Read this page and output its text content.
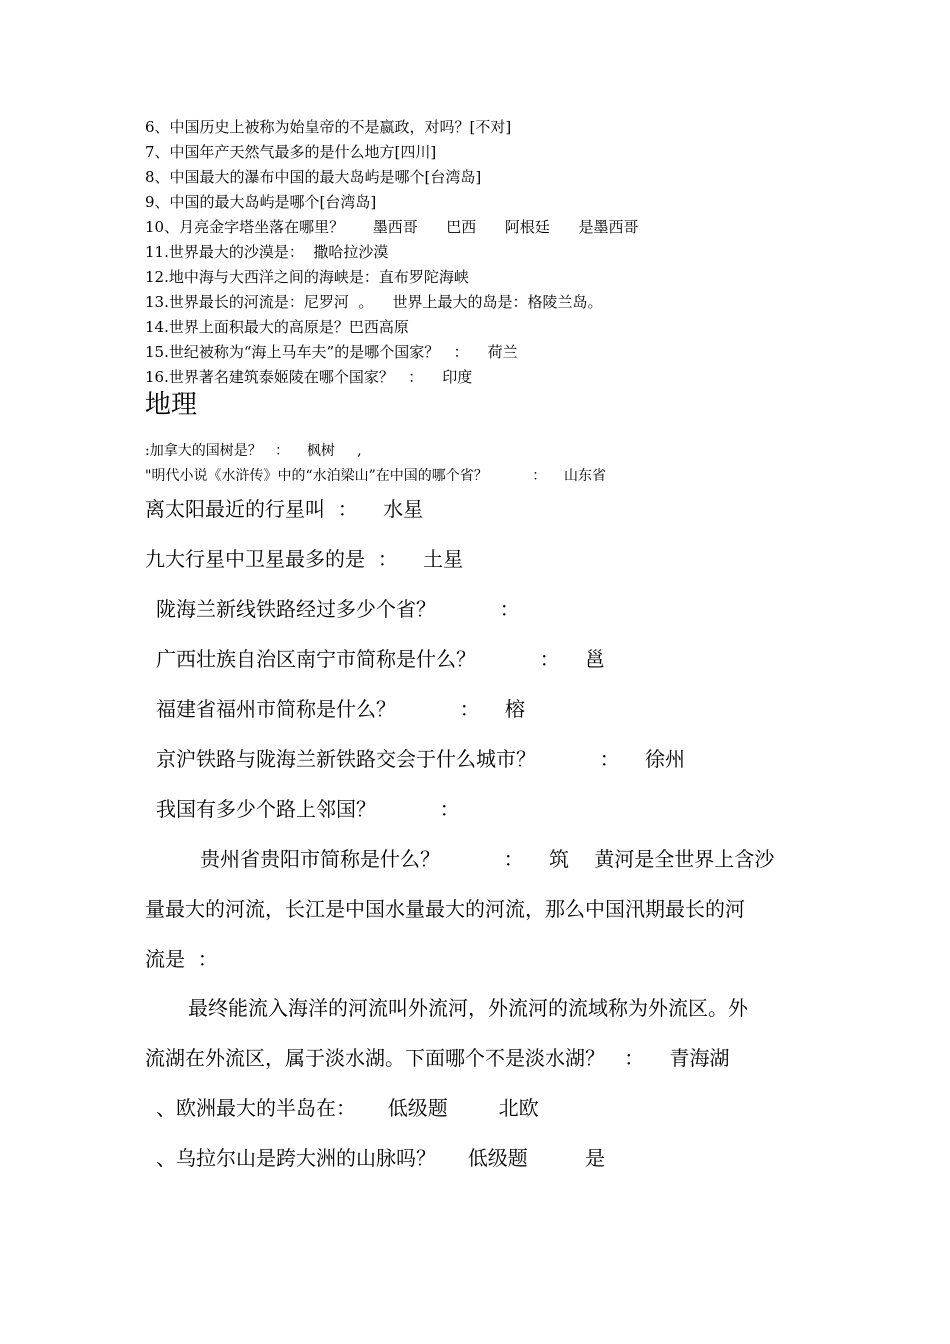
6、中国历史上被称为始皇帝的不是嬴政，对吗？[不对]
7、中国年产天然气最多的是什么地方[四川]
8、中国最大的瀑布中国的最大岛屿是哪个[台湾岛]
9、中国的最大岛屿是哪个[台湾岛]
10、月亮金字塔坐落在哪里？      墨西哥      巴西      阿根廷      是墨西哥
11.世界最大的沙漠是：  撒哈拉沙漠
12.地中海与大西洋之间的海峡是：直布罗陀海峡
13.世界最长的河流是：尼罗河  。    世界上最大的岛是：格陵兰岛。
14.世界上面积最大的高原是？巴西高原
15.世纪被称为“海上马车夫”的是哪个国家？   ：    荷兰
16.世界著名建筑泰姬陵在哪个国家？   ：    印度
地理
:加拿大的国树是？   ：    枫树     ,
"明代小说《水浒传》中的“水泊梁山”在中国的哪个省？          ：    山东省
离太阳最近的行星叫  ：    水星
九大行星中卫星最多的是  ：    土星
陇海兰新线铁路经过多少个省？          ：
广西壮族自治区南宁市简称是什么？          ：    邕
福建省福州市简称是什么？          ：    榕
京沪铁路与陇海兰新铁路交会于什么城市？          ：    徐州
我国有多少个路上邻国？          ：
贵州省贵阳市简称是什么？          ：    筑    黄河是全世界上含沙
量最大的河流，长江是中国水量最大的河流，那么中国汛期最长的河
流是  ：
最终能流入海洋的河流叫外流河，外流河的流域称为外流区。外
流湖在外流区，属于淡水湖。下面哪个不是淡水湖？   ：    青海湖
、欧洲最大的半岛在：     低级题        北欧
、乌拉尔山是跨大洲的山脉吗？     低级题         是
